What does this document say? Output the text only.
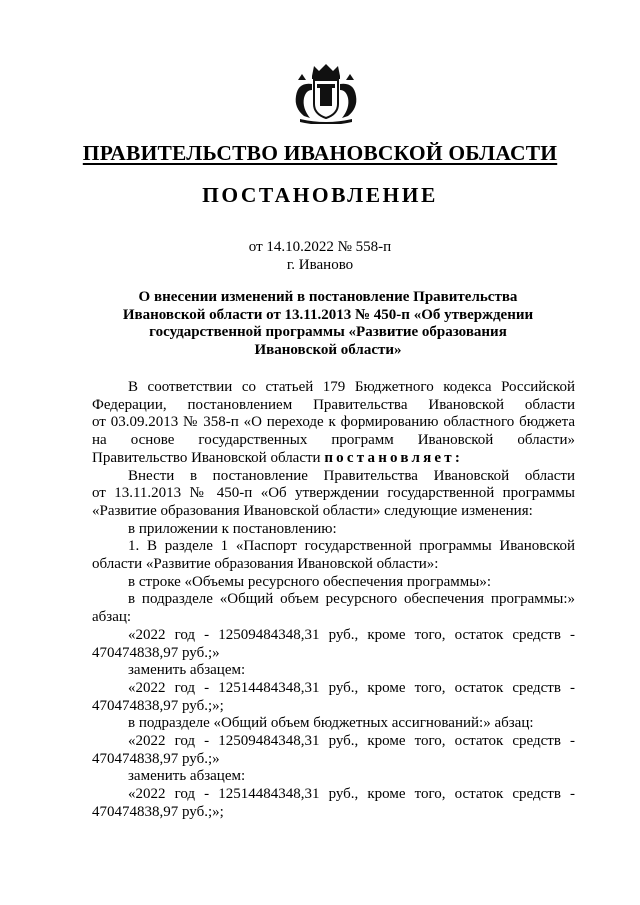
ПРАВИТЕЛЬСТВО ИВАНОВСКОЙ ОБЛАСТИ
ПОСТАНОВЛЕНИЕ
от 14.10.2022 № 558-п
г. Иваново
О внесении изменений в постановление Правительства
Ивановской области от 13.11.2013 № 450-п «Об утверждении
государственной программы «Развитие образования
Ивановской области»

В соответствии со статьей 179 Бюджетного кодекса Российской

Федерации, постановлением Правительства Ивановской области

от 03.09.2013 № 358-п «О переходе к формированию областного бюджета

на основе государственных программ Ивановской области»

Правительство Ивановской области постановляет:

Внести в постановление Правительства Ивановской области

от 13.11.2013 № 450-п «Об утверждении государственной программы

«Развитие образования Ивановской области» следующие изменения:

в приложении к постановлению:

1. В разделе 1 «Паспорт государственной программы Ивановской

области «Развитие образования Ивановской области»:

в строке «Объемы ресурсного обеспечения программы»:

в подразделе «Общий объем ресурсного обеспечения программы:»

абзац:

«2022 год - 12509484348,31 руб., кроме того, остаток средств -

470474838,97 руб.;»

заменить абзацем:

«2022 год - 12514484348,31 руб., кроме того, остаток средств -

470474838,97 руб.;»;

в подразделе «Общий объем бюджетных ассигнований:» абзац:

«2022 год - 12509484348,31 руб., кроме того, остаток средств -

470474838,97 руб.;»

заменить абзацем:

«2022 год - 12514484348,31 руб., кроме того, остаток средств -

470474838,97 руб.;»;
